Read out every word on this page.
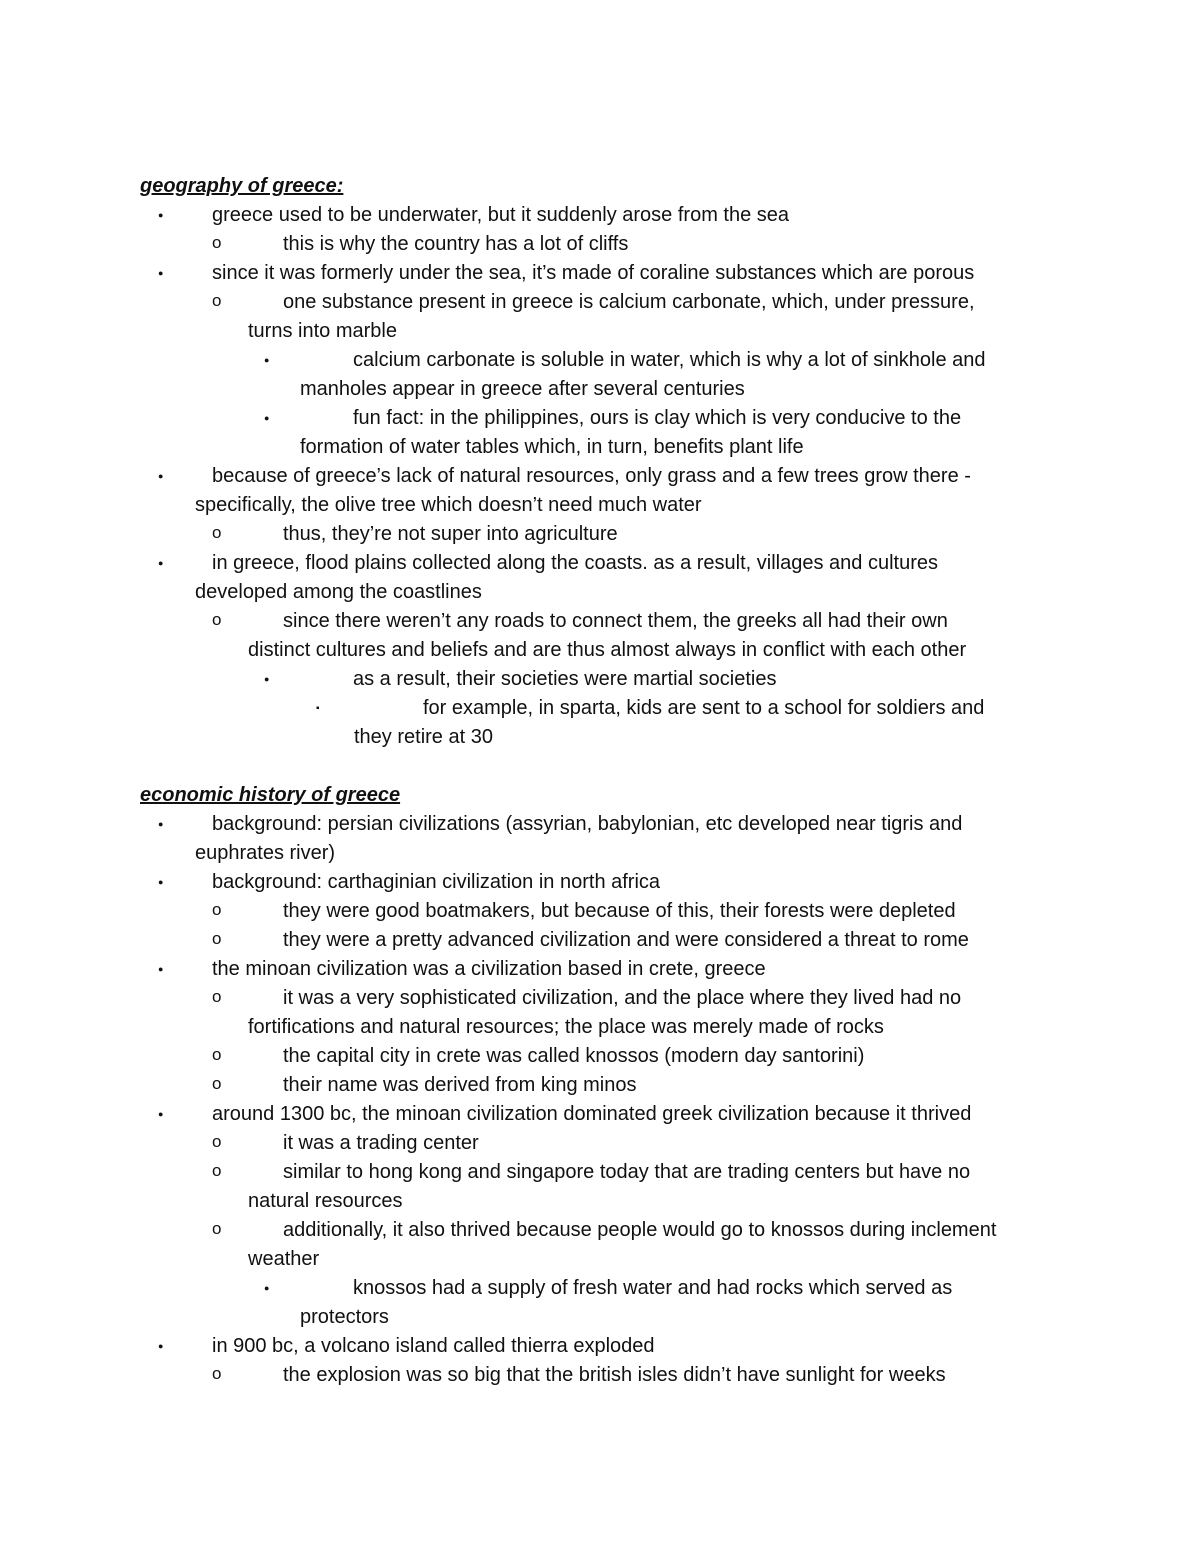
geography of greece:
●	greece used to be underwater, but it suddenly arose from the sea
o	this is why the country has a lot of cliffs
●	since it was formerly under the sea, it’s made of coraline substances which are porous
o	one substance present in greece is calcium carbonate, which, under pressure,
turns into marble
●	calcium carbonate is soluble in water, which is why a lot of sinkhole and
manholes appear in greece after several centuries
●	fun fact: in the philippines, ours is clay which is very conducive to the
formation of water tables which, in turn, benefits plant life
●	because of greece’s lack of natural resources, only grass and a few trees grow there -
specifically, the olive tree which doesn’t need much water
o	thus, they’re not super into agriculture
●	in greece, flood plains collected along the coasts. as a result, villages and cultures
developed among the coastlines
o	since there weren’t any roads to connect them, the greeks all had their own
distinct cultures and beliefs and are thus almost always in conflict with each other
●	as a result, their societies were martial societies
▪	for example, in sparta, kids are sent to a school for soldiers and
they retire at 30
economic history of greece
●	background: persian civilizations (assyrian, babylonian, etc developed near tigris and
euphrates river)
●	background: carthaginian civilization in north africa
o	they were good boatmakers, but because of this, their forests were depleted
o	they were a pretty advanced civilization and were considered a threat to rome
●	the minoan civilization was a civilization based in crete, greece
o	it was a very sophisticated civilization, and the place where they lived had no
fortifications and natural resources; the place was merely made of rocks
o	the capital city in crete was called knossos (modern day santorini)
o	their name was derived from king minos
●	around 1300 bc, the minoan civilization dominated greek civilization because it thrived
o	it was a trading center
o	similar to hong kong and singapore today that are trading centers but have no
natural resources
o	additionally, it also thrived because people would go to knossos during inclement
weather
●	knossos had a supply of fresh water and had rocks which served as
protectors
●	in 900 bc, a volcano island called thierra exploded
o	the explosion was so big that the british isles didn’t have sunlight for weeks
